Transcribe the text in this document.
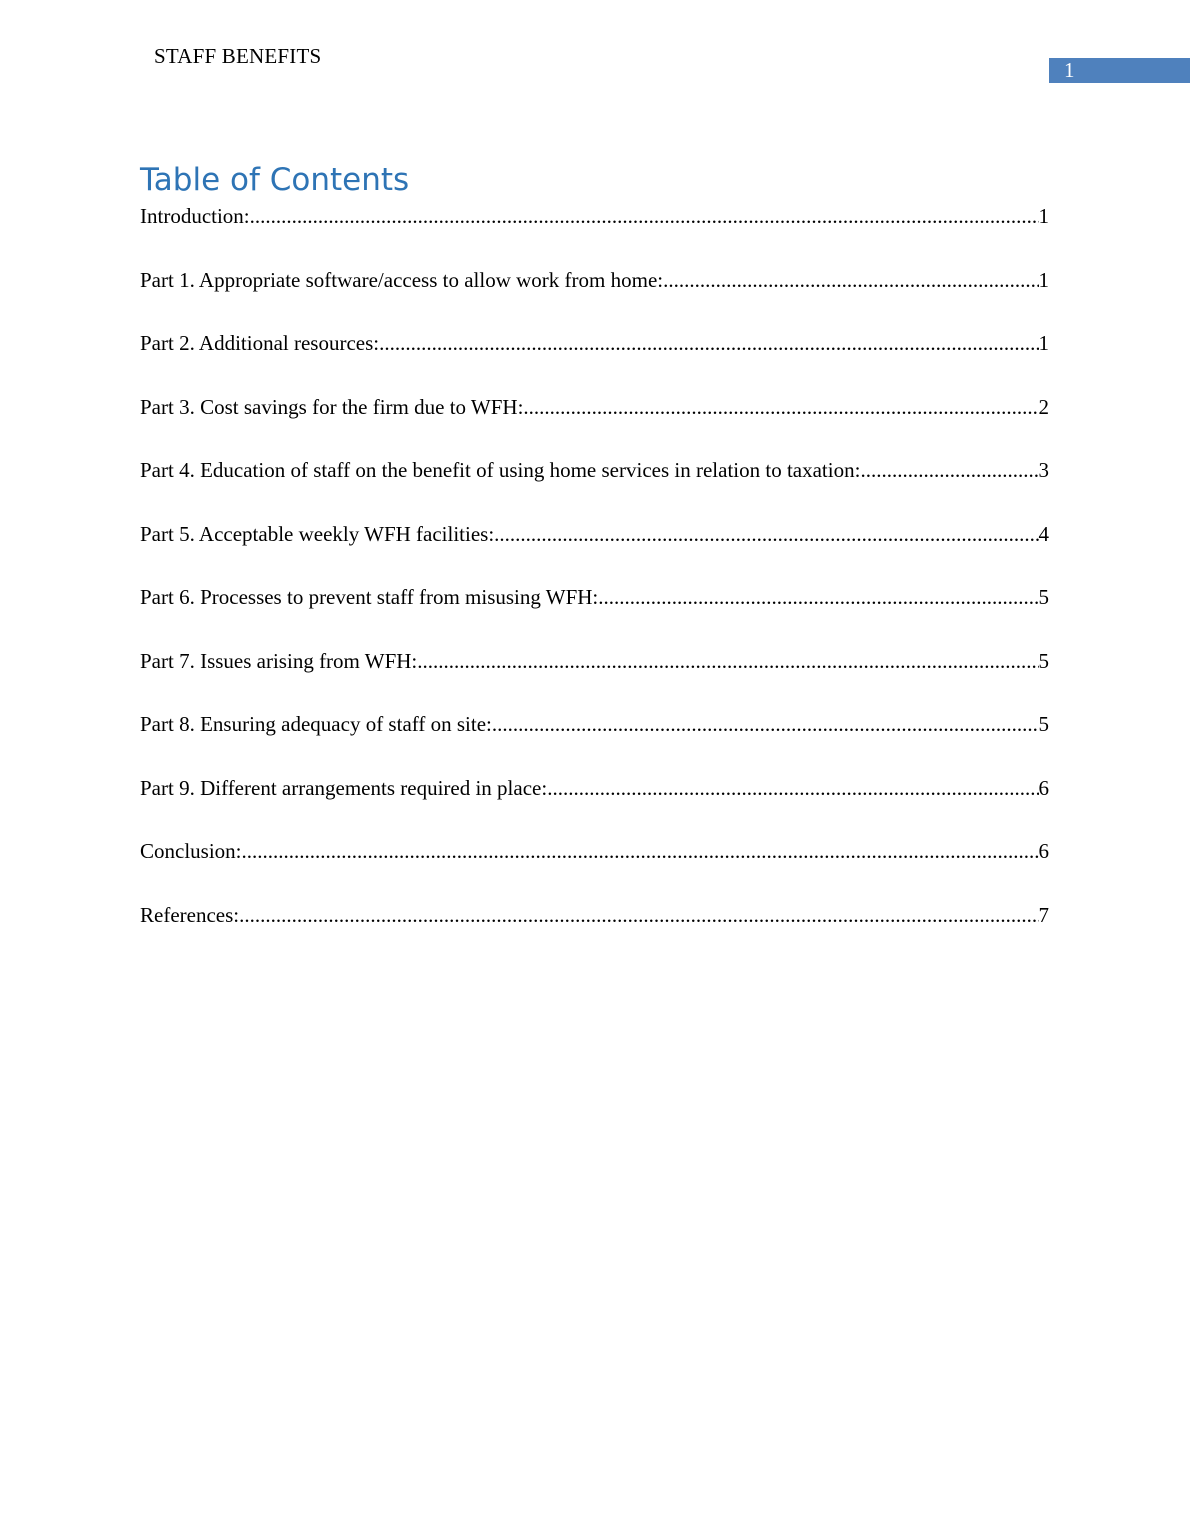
STAFF BENEFITS
1
Table of Contents
Introduction: .....	1
Part 1. Appropriate software/access to allow work from home: .....	1
Part 2. Additional resources: .....	1
Part 3. Cost savings for the firm due to WFH: .....	2
Part 4. Education of staff on the benefit of using home services in relation to taxation: .....	3
Part 5. Acceptable weekly WFH facilities: .....	4
Part 6. Processes to prevent staff from misusing WFH: .....	5
Part 7. Issues arising from WFH: .....	5
Part 8. Ensuring adequacy of staff on site: .....	5
Part 9. Different arrangements required in place: .....	6
Conclusion: .....	6
References: .....	7
